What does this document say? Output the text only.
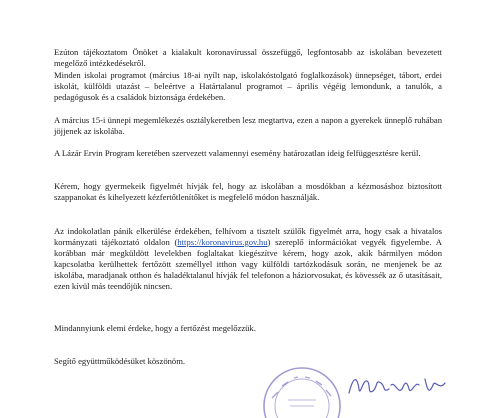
Ezúton tájékoztatom Önöket a kialakult koronavírussal összefüggő, legfontosabb az iskolában bevezetett megelőző intézkedésekről.

Minden iskolai programot (március 18-ai nyílt nap, iskolakóstolgató foglalkozások) ünnepséget, tábort, erdei iskolát, külföldi utazást – beleértve a Határtalanul programot – április végéig lemondunk, a tanulók, a pedagógusok és a családok biztonsága érdekében.

A március 15-i ünnepi megemlékezés osztálykeretben lesz megtartva, ezen a napon a gyerekek ünneplő ruhában jöjjenek az iskolába.

A Lázár Ervin Program keretében szervezett valamennyi esemény határozatlan ideig felfüggesztésre kerül.

Kérem, hogy gyermekeik figyelmét hívják fel, hogy az iskolában a mosdókban a kézmosáshoz biztosított szappanokat és kihelyezett kézfertőtlenítőket is megfelelő módon használják.

Az indokolatlan pánik elkerülése érdekében, felhívom a tisztelt szülők figyelmét arra, hogy csak a hivatalos kormányzati tájékoztató oldalon (https://koronavirus.gov.hu) szereplő információkat vegyék figyelembe. A korábban már megküldött levelekben foglaltakat kiegészítve kérem, hogy azok, akik bármilyen módon kapcsolatba kerülhettek fertőzött személlyel itthon vagy külföldi tartózkodásuk során, ne menjenek be az iskolába, maradjanak otthon és haladéktalanul hívják fel telefonon a háziorvosukat, és kövessék az ő utasításait, ezen kívül más teendőjük nincsen.

Mindannyiunk elemi érdeke, hogy a fertőzést megelőzzük.

Segítő együttműködésüket köszönöm.
